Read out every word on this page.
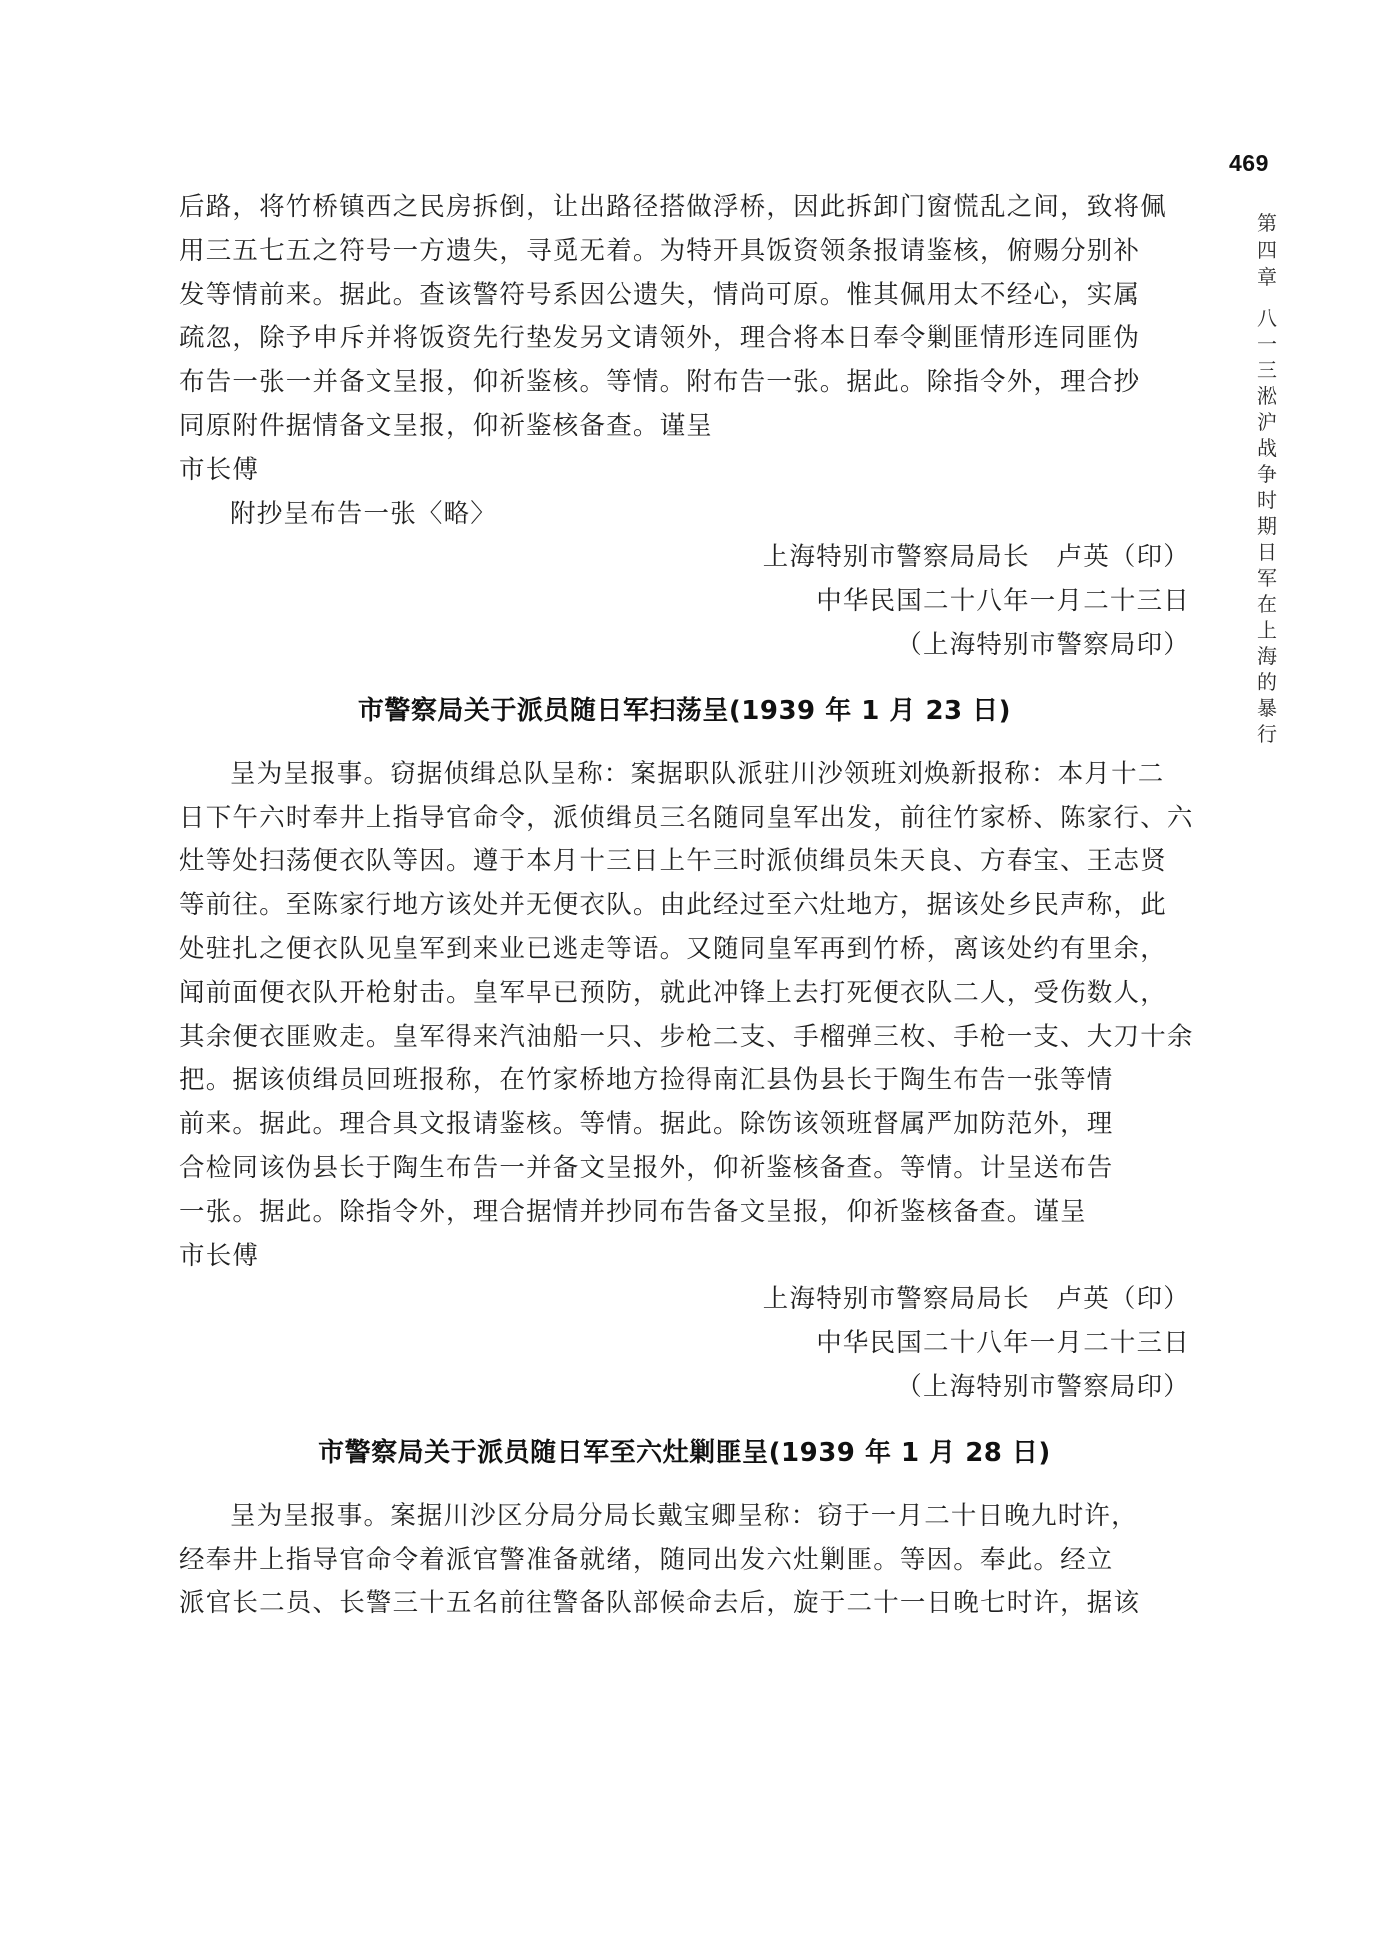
469
第四章
八一三淞沪战争时期日军在上海的暴行

后路，将竹桥镇西之民房拆倒，让出路径搭做浮桥，因此拆卸门窗慌乱之间，致将佩
用三五七五之符号一方遗失，寻觅无着。为特开具饭资领条报请鉴核，俯赐分别补
发等情前来。据此。查该警符号系因公遗失，情尚可原。惟其佩用太不经心，实属
疏忽，除予申斥并将饭资先行垫发另文请领外，理合将本日奉令剿匪情形连同匪伪
布告一张一并备文呈报，仰祈鉴核。等情。附布告一张。据此。除指令外，理合抄
同原附件据情备文呈报，仰祈鉴核备查。谨呈

市长傅

附抄呈布告一张〈略〉

上海特别市警察局局长　卢英（印）

中华民国二十八年一月二十三日

（上海特别市警察局印）

市警察局关于派员随日军扫荡呈(1939 年 1 月 23 日)

呈为呈报事。窃据侦缉总队呈称：案据职队派驻川沙领班刘焕新报称：本月十二
日下午六时奉井上指导官命令，派侦缉员三名随同皇军出发，前往竹家桥、陈家行、六
灶等处扫荡便衣队等因。遵于本月十三日上午三时派侦缉员朱天良、方春宝、王志贤
等前往。至陈家行地方该处并无便衣队。由此经过至六灶地方，据该处乡民声称，此
处驻扎之便衣队见皇军到来业已逃走等语。又随同皇军再到竹桥，离该处约有里余，
闻前面便衣队开枪射击。皇军早已预防，就此冲锋上去打死便衣队二人，受伤数人，
其余便衣匪败走。皇军得来汽油船一只、步枪二支、手榴弹三枚、手枪一支、大刀十余
把。据该侦缉员回班报称，在竹家桥地方捡得南汇县伪县长于陶生布告一张等情
前来。据此。理合具文报请鉴核。等情。据此。除饬该领班督属严加防范外，理
合检同该伪县长于陶生布告一并备文呈报外，仰祈鉴核备查。等情。计呈送布告
一张。据此。除指令外，理合据情并抄同布告备文呈报，仰祈鉴核备查。谨呈

市长傅

上海特别市警察局局长　卢英（印）

中华民国二十八年一月二十三日

（上海特别市警察局印）

市警察局关于派员随日军至六灶剿匪呈(1939 年 1 月 28 日)

呈为呈报事。案据川沙区分局分局长戴宝卿呈称：窃于一月二十日晚九时许，
经奉井上指导官命令着派官警准备就绪，随同出发六灶剿匪。等因。奉此。经立
派官长二员、长警三十五名前往警备队部候命去后，旋于二十一日晚七时许，据该
